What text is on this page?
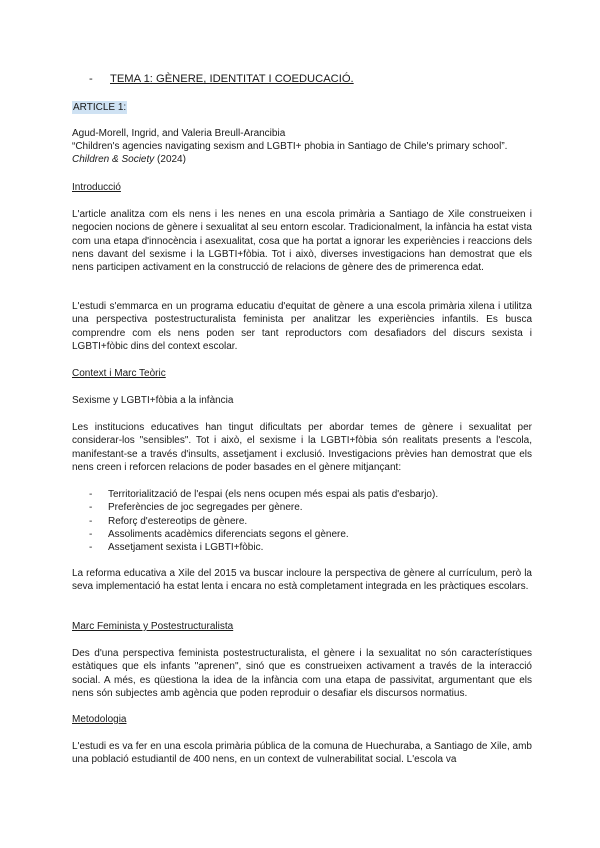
- TEMA 1: GÈNERE, IDENTITAT I COEDUCACIÓ.
ARTICLE 1:
Agud-Morell, Ingrid, and Valeria Breull-Arancibia
“Children's agencies navigating sexism and LGBTI+ phobia in Santiago de Chile's primary school”. Children & Society (2024)
Introducció
L'article analitza com els nens i les nenes en una escola primària a Santiago de Xile construeixen i negocien nocions de gènere i sexualitat al seu entorn escolar. Tradicionalment, la infància ha estat vista com una etapa d'innocència i asexualitat, cosa que ha portat a ignorar les experiències i reaccions dels nens davant del sexisme i la LGBTI+fòbia. Tot i això, diverses investigacions han demostrat que els nens participen activament en la construcció de relacions de gènere des de primerenca edat.
L'estudi s'emmarca en un programa educatiu d'equitat de gènere a una escola primària xilena i utilitza una perspectiva postestructuralista feminista per analitzar les experiències infantils. Es busca comprendre com els nens poden ser tant reproductors com desafiadors del discurs sexista i LGBTI+fòbic dins del context escolar.
Context i Marc Teòric
Sexisme y LGBTI+fòbia a la infància
Les institucions educatives han tingut dificultats per abordar temes de gènere i sexualitat per considerar-los "sensibles". Tot i això, el sexisme i la LGBTI+fòbia són realitats presents a l'escola, manifestant-se a través d'insults, assetjament i exclusió. Investigacions prèvies han demostrat que els nens creen i reforcen relacions de poder basades en el gènere mitjançant:
- Territorialització de l'espai (els nens ocupen més espai als patis d'esbarjo).
- Preferències de joc segregades per gènere.
- Reforç d'estereotips de gènere.
- Assoliments acadèmics diferenciats segons el gènere.
- Assetjament sexista i LGBTI+fòbic.
La reforma educativa a Xile del 2015 va buscar incloure la perspectiva de gènere al currículum, però la seva implementació ha estat lenta i encara no està completament integrada en les pràctiques escolars.
Marc Feminista y Postestructuralista
Des d'una perspectiva feminista postestructuralista, el gènere i la sexualitat no són característiques estàtiques que els infants "aprenen", sinó que es construeixen activament a través de la interacció social. A més, es qüestiona la idea de la infància com una etapa de passivitat, argumentant que els nens són subjectes amb agència que poden reproduir o desafiar els discursos normatius.
Metodologia
L'estudi es va fer en una escola primària pública de la comuna de Huechuraba, a Santiago de Xile, amb una població estudiantil de 400 nens, en un context de vulnerabilitat social. L'escola va
